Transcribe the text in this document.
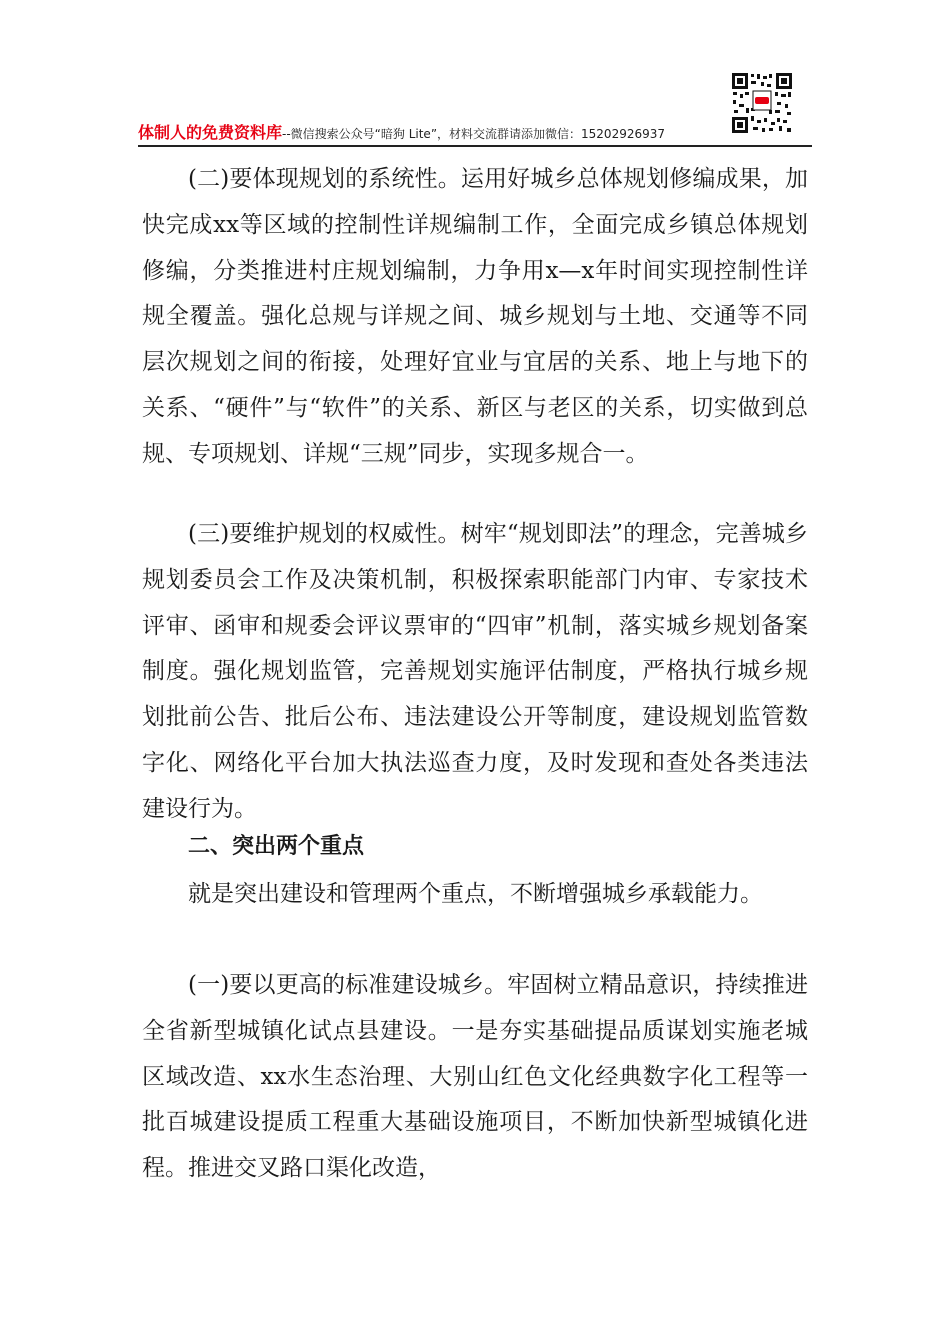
体制人的免费资料库--微信搜索公众号“暗狗 Lite”，材料交流群请添加微信：15202926937

(二)要体现规划的系统性。运用好城乡总体规划修编成果，加快完成xx等区域的控制性详规编制工作，全面完成乡镇总体规划修编，分类推进村庄规划编制，力争用x—x年时间实现控制性详规全覆盖。强化总规与详规之间、城乡规划与土地、交通等不同层次规划之间的衔接，处理好宜业与宜居的关系、地上与地下的关系、“硬件”与“软件”的关系、新区与老区的关系，切实做到总规、专项规划、详规“三规”同步，实现多规合一。

(三)要维护规划的权威性。树牢“规划即法”的理念，完善城乡规划委员会工作及决策机制，积极探索职能部门内审、专家技术评审、函审和规委会评议票审的“四审”机制，落实城乡规划备案制度。强化规划监管，完善规划实施评估制度，严格执行城乡规划批前公告、批后公布、违法建设公开等制度，建设规划监管数字化、网络化平台加大执法巡查力度，及时发现和查处各类违法建设行为。

二、突出两个重点

就是突出建设和管理两个重点，不断增强城乡承载能力。

(一)要以更高的标准建设城乡。牢固树立精品意识，持续推进全省新型城镇化试点县建设。一是夯实基础提品质谋划实施老城区域改造、xx水生态治理、大别山红色文化经典数字化工程等一批百城建设提质工程重大基础设施项目，不断加快新型城镇化进程。推进交叉路口渠化改造，
